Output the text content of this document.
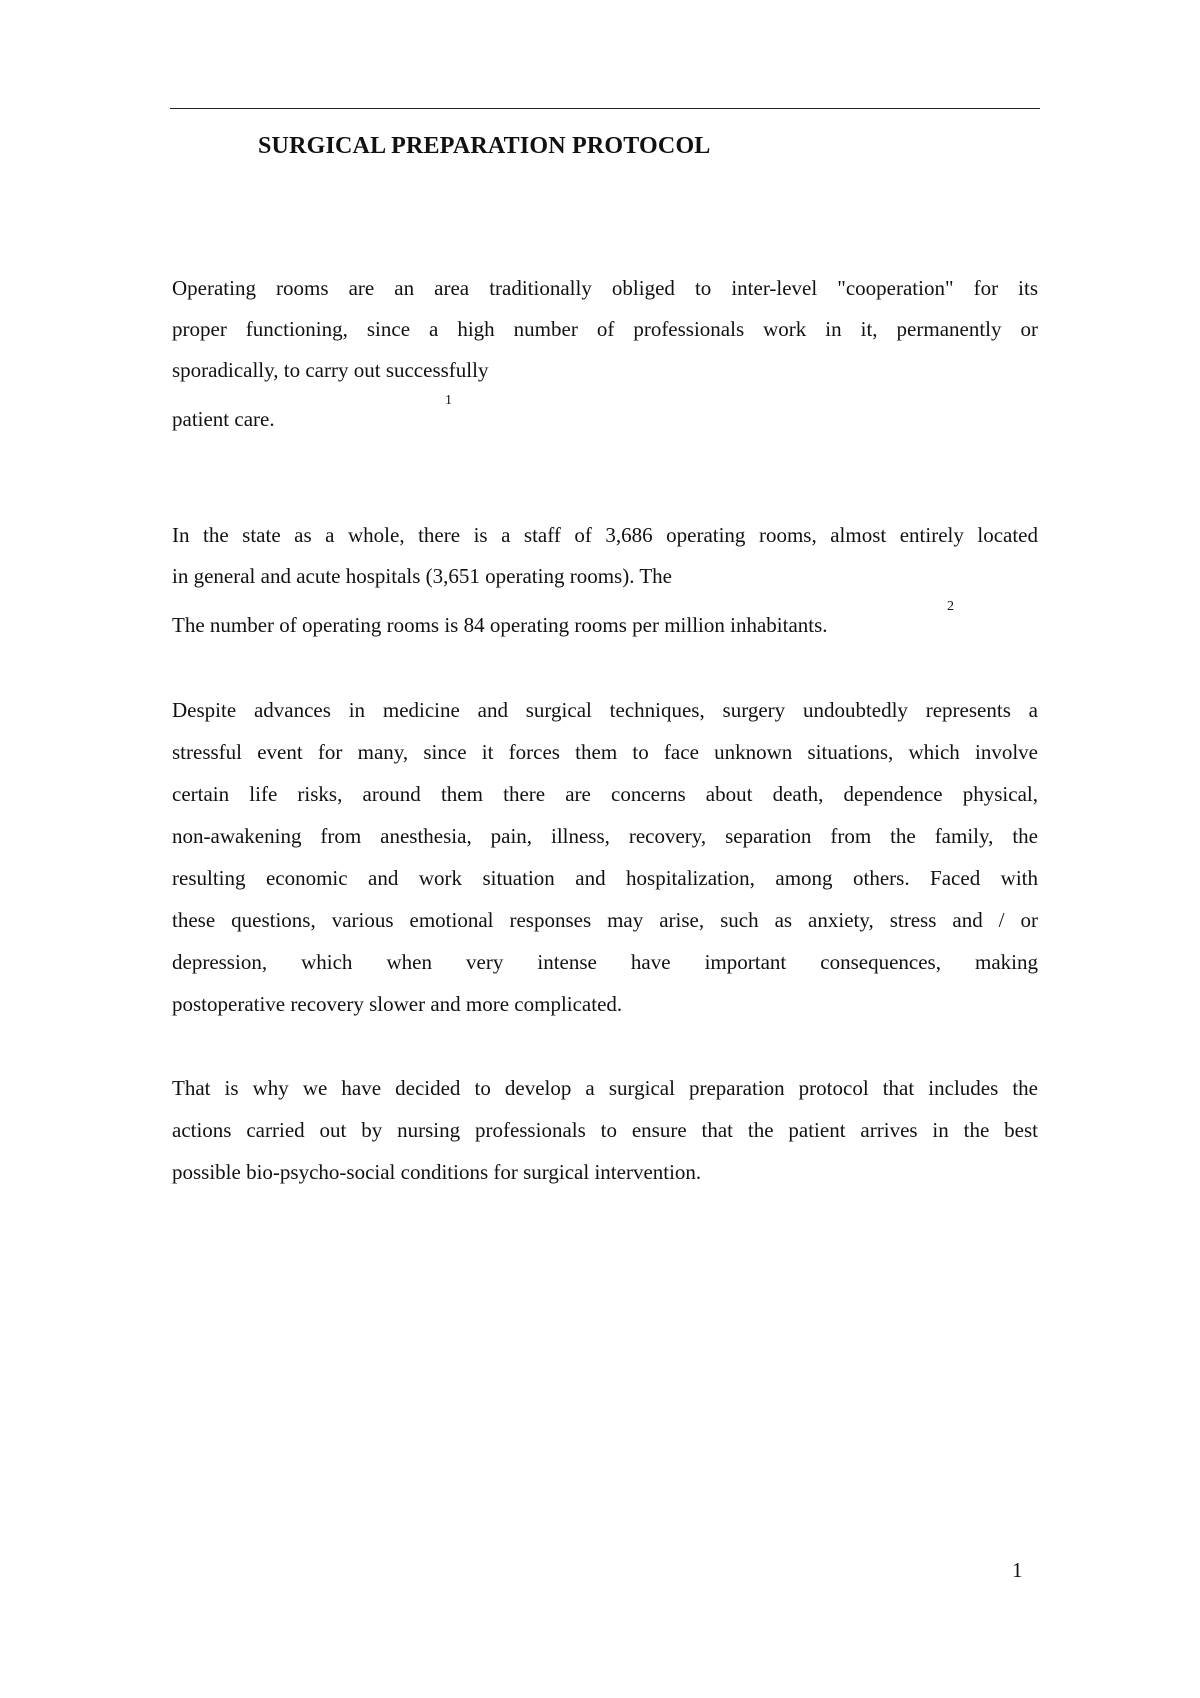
SURGICAL PREPARATION PROTOCOL
Operating rooms are an area traditionally obliged to inter-level "cooperation" for its
proper functioning, since a high number of professionals work in it, permanently or
sporadically, to carry out successfully
1
patient care.
In the state as a whole, there is a staff of 3,686 operating rooms, almost entirely located
in general and acute hospitals (3,651 operating rooms). The
The number of operating rooms is 84 operating rooms per million inhabitants.
2
Despite advances in medicine and surgical techniques, surgery undoubtedly represents a
stressful event for many, since it forces them to face unknown situations, which involve
certain life risks, around them there are concerns about death, dependence physical,
non-awakening from anesthesia, pain, illness, recovery, separation from the family, the
resulting economic and work situation and hospitalization, among others. Faced with
these questions, various emotional responses may arise, such as anxiety, stress and / or
depression, which when very intense have important consequences, making
postoperative recovery slower and more complicated.
That is why we have decided to develop a surgical preparation protocol that includes the
actions carried out by nursing professionals to ensure that the patient arrives in the best
possible bio-psycho-social conditions for surgical intervention.
1
